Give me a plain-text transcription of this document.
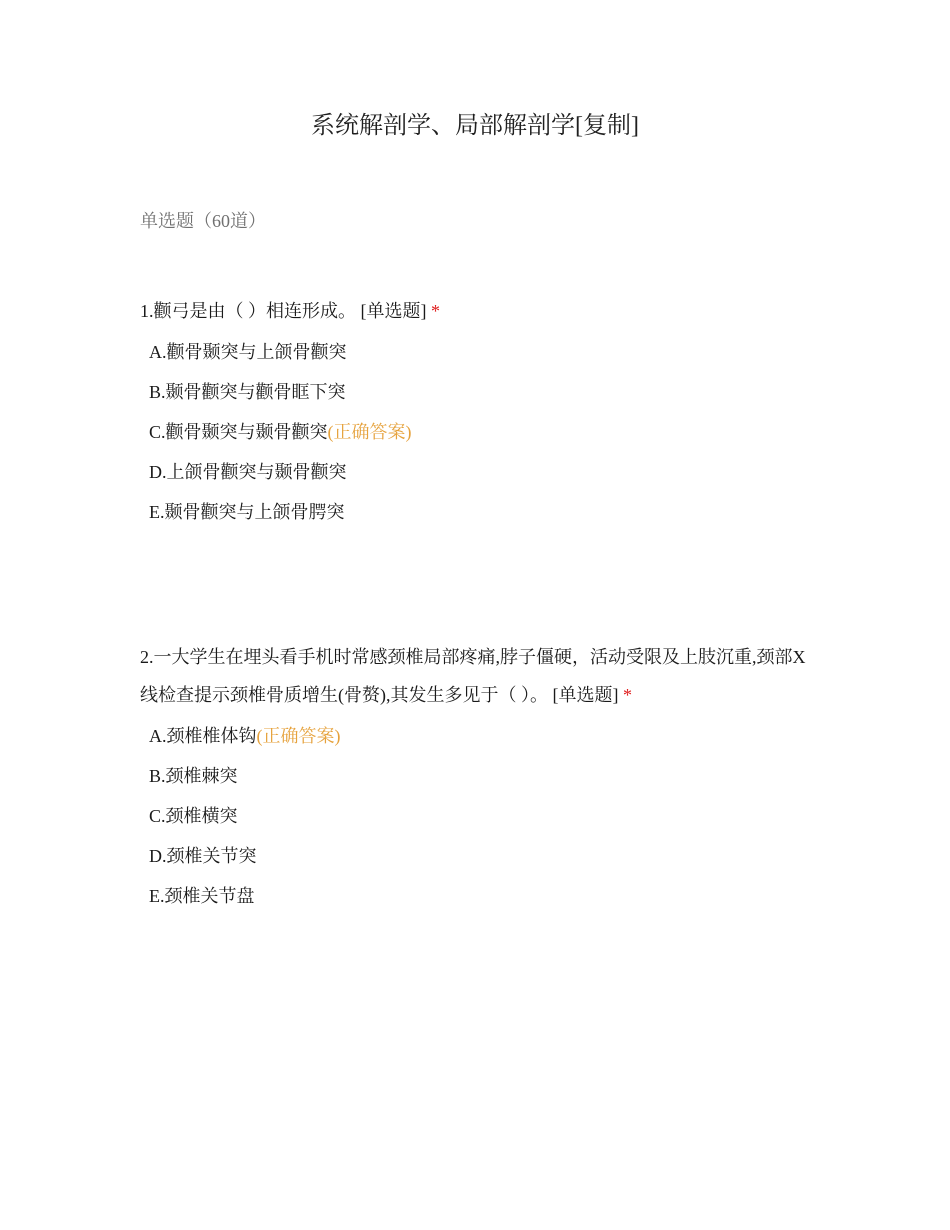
系统解剖学、局部解剖学[复制]
单选题（60道）

1.颧弓是由（ ）相连形成。 [单选题] *

A.颧骨颞突与上颌骨颧突
B.颞骨颧突与颧骨眶下突
C.颧骨颞突与颞骨颧突(正确答案)
D.上颌骨颧突与颞骨颧突
E.颞骨颧突与上颌骨腭突

2.一大学生在埋头看手机时常感颈椎局部疼痛,脖子僵硬，活动受限及上肢沉重,颈部X线检查提示颈椎骨质增生(骨赘),其发生多见于（ ）。 [单选题] *

A.颈椎椎体钩(正确答案)
B.颈椎棘突
C.颈椎横突
D.颈椎关节突
E.颈椎关节盘
